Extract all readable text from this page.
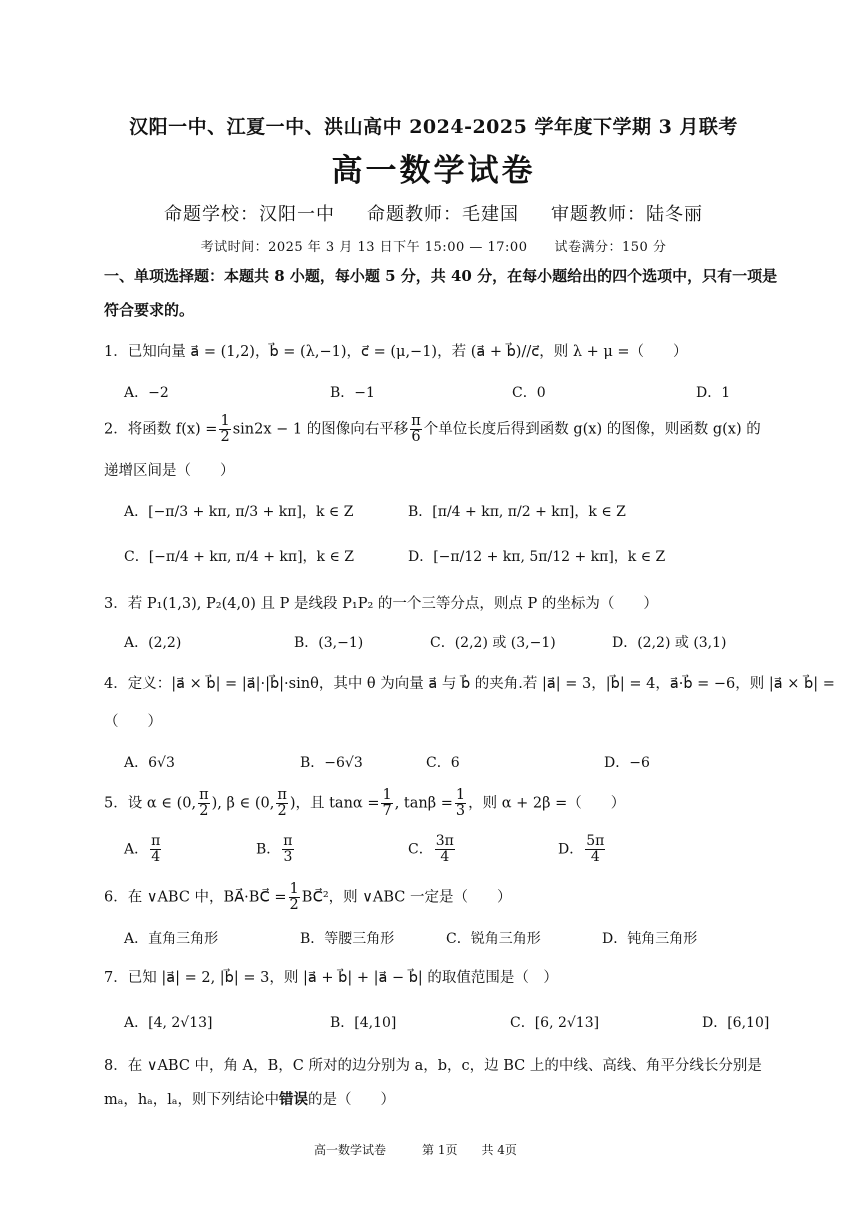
汉阳一中、江夏一中、洪山高中 2024-2025 学年度下学期 3 月联考
高一数学试卷
命题学校：汉阳一中 命题教师：毛建国 审题教师：陆冬丽
考试时间：2025 年 3 月 13 日下午 15:00 — 17:00　　试卷满分：150 分
一、单项选择题：本题共 8 小题，每小题 5 分，共 40 分，在每小题给出的四个选项中，只有一项是
符合要求的。
1．已知向量 a⃗ = (1,2)，b⃗ = (λ,−1)，c⃗ = (μ,−1)，若 (a⃗ + b⃗)//c⃗，则 λ + μ =（　　）
A．−2	B．−1	C．0	D．1
2．将函数 $f(x) = \frac{1}{2} \sin 2x - 1$ 的图像向右平移 $\frac{\pi}{6}$ 个单位长度后得到函数 g(x) 的图像，则函数 g(x) 的
递增区间是（　　）
A．[−π/3 + kπ, π/3 + kπ]，k ∈ Z	B．[π/4 + kπ, π/2 + kπ]，k ∈ Z
C．[−π/4 + kπ, π/4 + kπ]，k ∈ Z	D．[−π/12 + kπ, 5π/12 + kπ]，k ∈ Z
3．若 P₁(1,3), P₂(4,0) 且 P 是线段 P₁P₂ 的一个三等分点，则点 P 的坐标为（　　）
A．(2,2)	B．(3,−1)	C．(2,2) 或 (3,−1)	D．(2,2) 或 (3,1)
4．定义：|a⃗ × b⃗| = |a⃗|·|b⃗|·sinθ，其中 θ 为向量 a⃗ 与 b⃗ 的夹角.若 |a⃗| = 3，|b⃗| = 4，a⃗·b⃗ = −6，则 |a⃗ × b⃗| =
（　　）
A．6√3	B．−6√3	C．6	D．−6
5．设 α ∈ (0, $\frac{\pi}{2}$ ), β ∈ (0, $\frac{\pi}{2}$ )，且 $\tan\alpha = \frac{1}{7}$ , $\tan\beta = \frac{1}{3}$ ，则 α + 2β =（　　）
A． $\frac{\pi}{4}$	B． $\frac{\pi}{3}$	C． $\frac{3\pi}{4}$	D． $\frac{5\pi}{4}$
6．在 ∨ABC 中，BA⃗·BC⃗ = $\frac{1}{2}$ BC⃗²，则 ∨ABC 一定是（　　）
A．直角三角形	B．等腰三角形	C．锐角三角形	D．钝角三角形
7．已知 |a⃗| = 2, |b⃗| = 3，则 |a⃗ + b⃗| + |a⃗ − b⃗| 的取值范围是（　）
A．[4, 2√13]	B．[4,10]	C．[6, 2√13]	D．[6,10]
8．在 ∨ABC 中，角 A，B，C 所对的边分别为 a，b，c，边 BC 上的中线、高线、角平分线长分别是
mₐ，hₐ，lₐ，则下列结论中错误的是（　　）
高一数学试卷　　　第 1页　　共 4页
